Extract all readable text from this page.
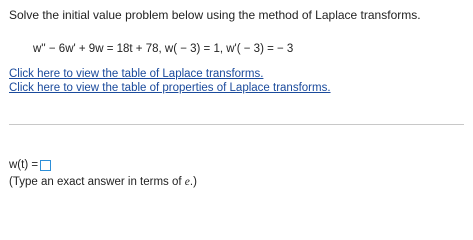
Solve the initial value problem below using the method of Laplace transforms.
w'' − 6w' + 9w = 18t + 78, w( − 3) = 1, w'( − 3) = − 3
Click here to view the table of Laplace transforms.
Click here to view the table of properties of Laplace transforms.
w(t) =
(Type an exact answer in terms of e.)
